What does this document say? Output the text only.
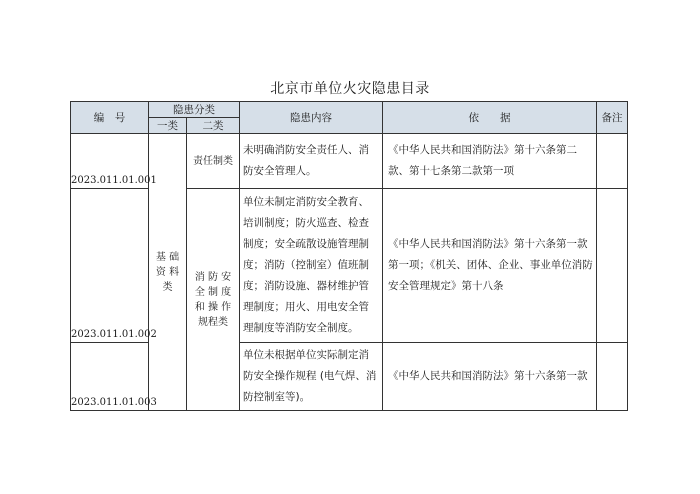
北京市单位火灾隐患目录
编　号	隐患分类		隐患内容	依　　据	备注
	一类	二类			
2023.011.01.001	基 础 资 料类	责任制类	未明确消防安全责任人、消防安全管理人。	《中华人民共和国消防法》第十六条第二款、第十七条第二款第一项	
2023.011.01.002		消 防 安 全 制 度 和 操 作规程类	单位未制定消防安全教育、培训制度；防火巡查、检查制度；安全疏散设施管理制度；消防（控制室）值班制度；消防设施、器材维护管理制度；用火、用电安全管理制度等消防安全制度。	《中华人民共和国消防法》第十六条第一款第一项；《机关、团体、企业、事业单位消防安全管理规定》第十八条	
2023.011.01.003			单位未根据单位实际制定消防安全操作规程 (电气焊、消防控制室等)。	《中华人民共和国消防法》第十六条第一款	
